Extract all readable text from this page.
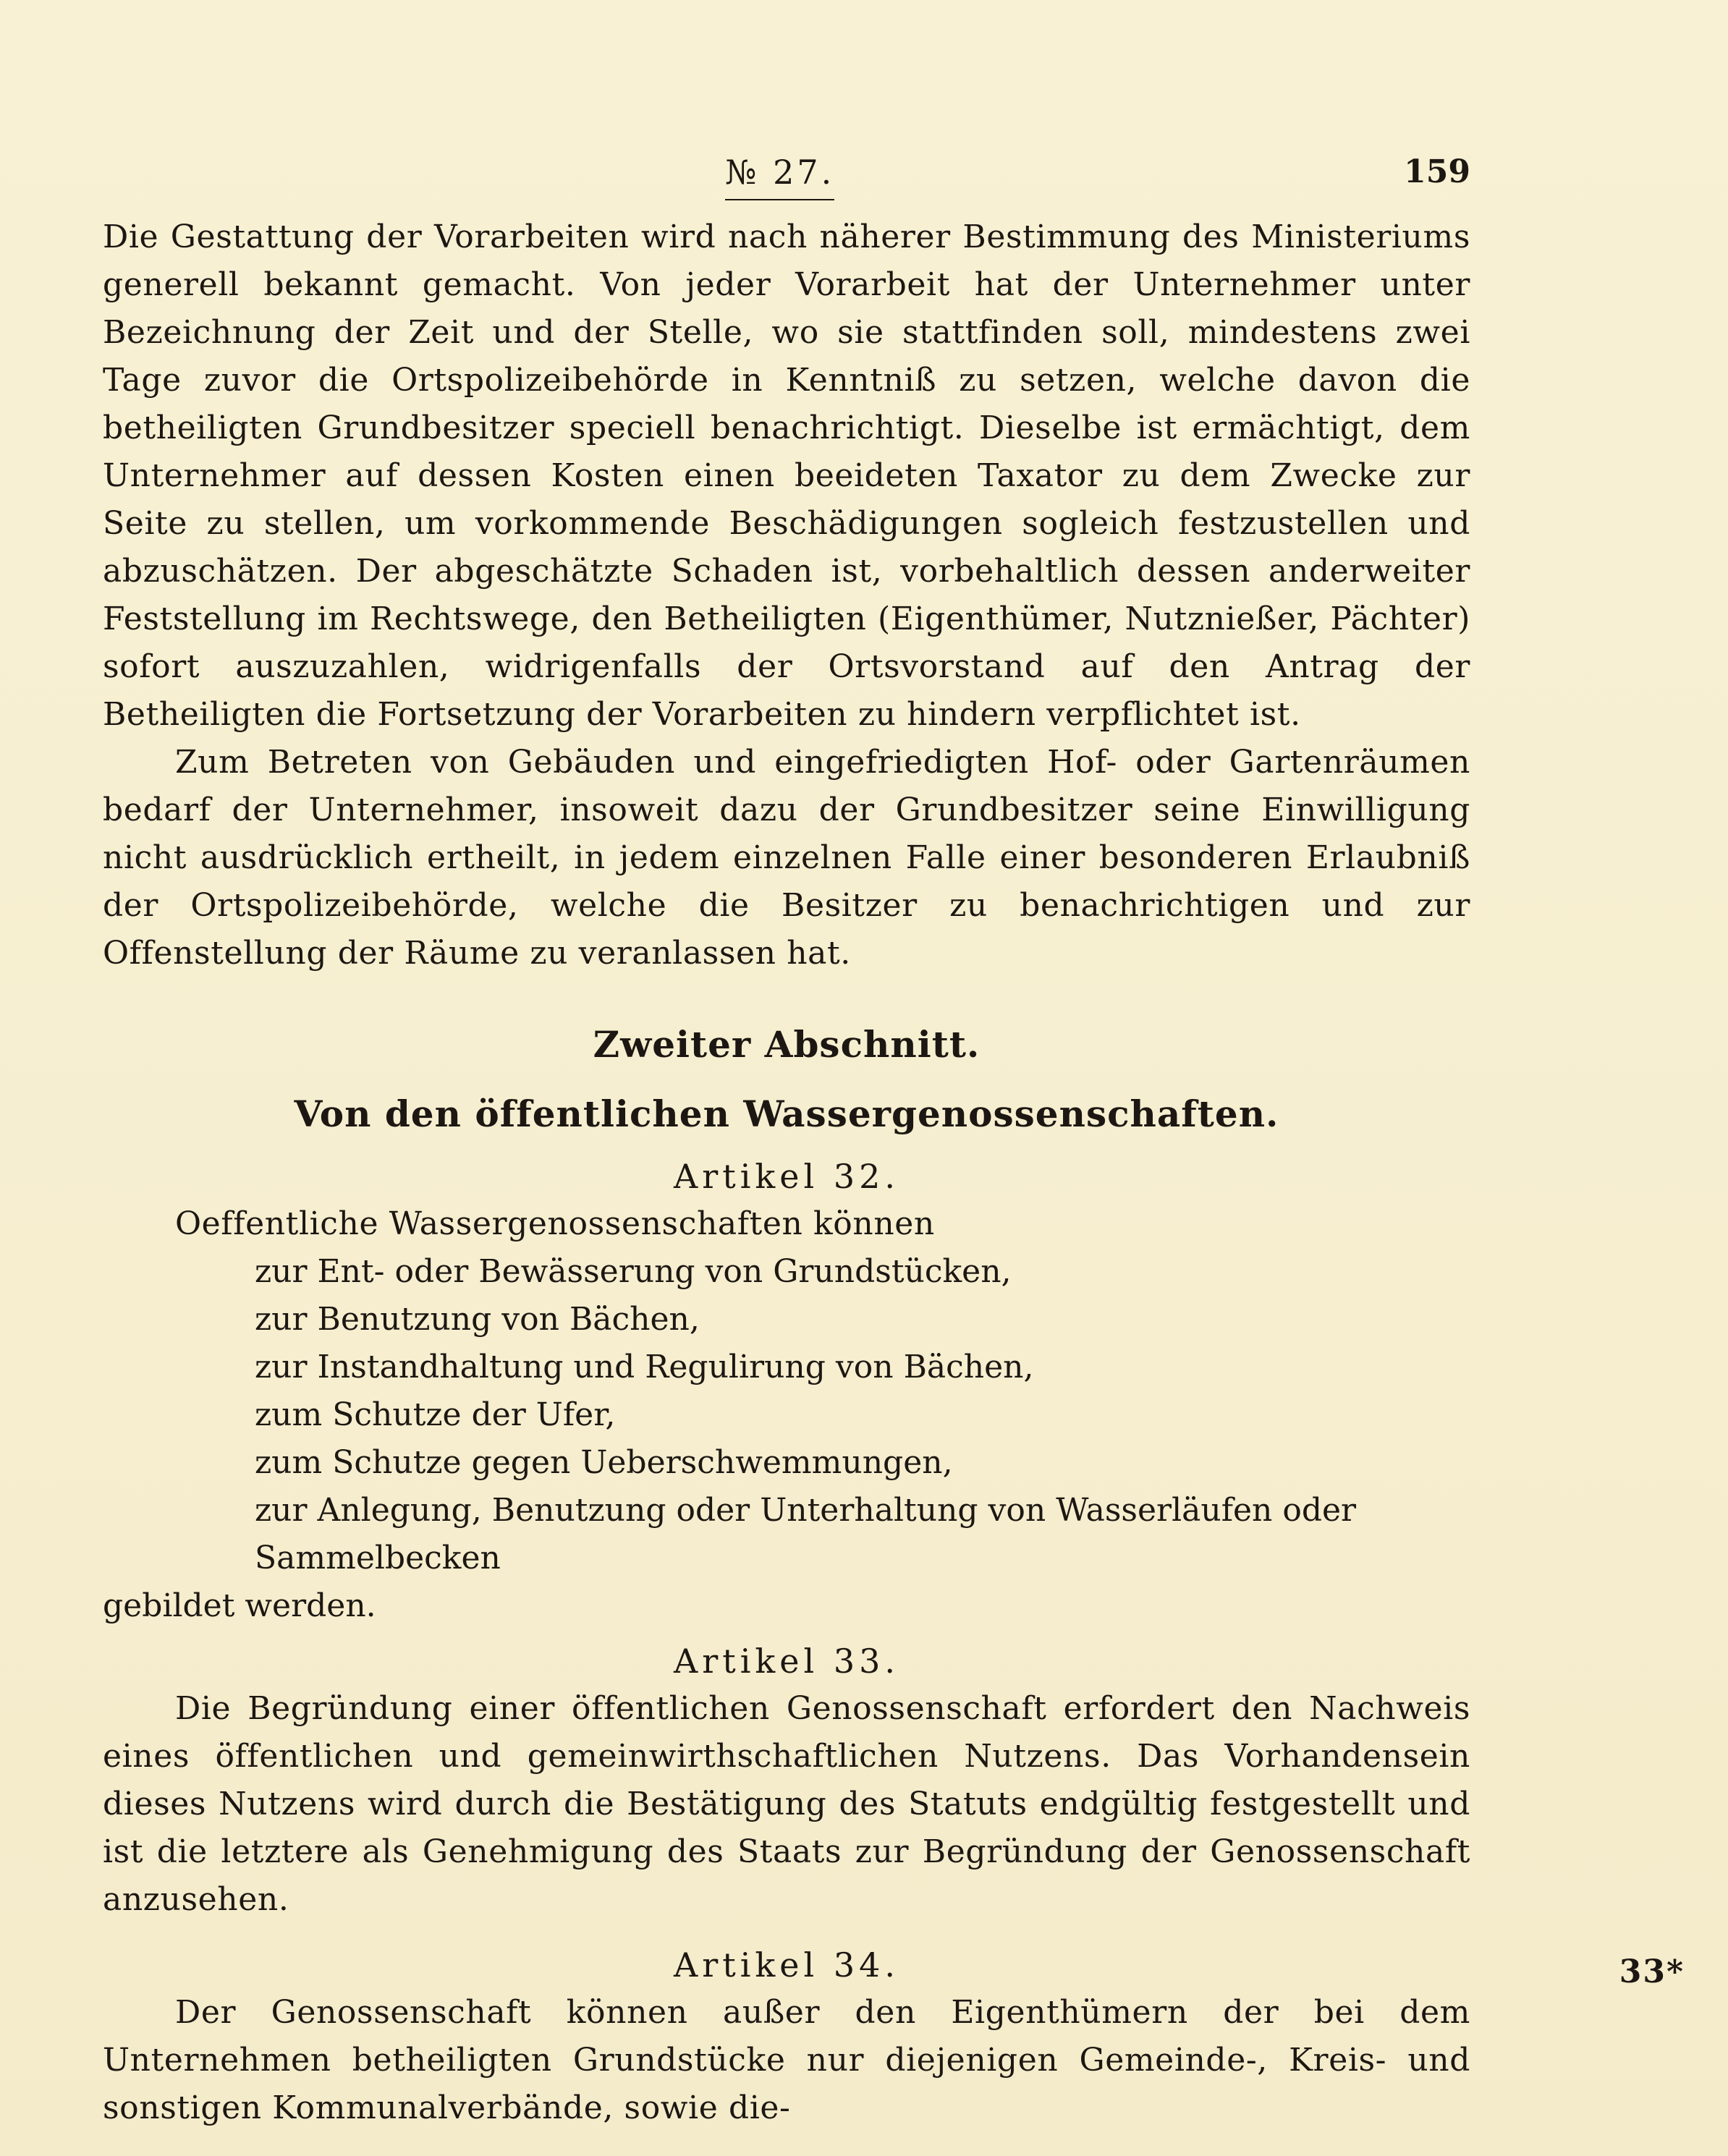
№ 27.	159

Die Gestattung der Vorarbeiten wird nach näherer Bestimmung des Ministeriums generell bekannt gemacht. Von jeder Vorarbeit hat der Unternehmer unter Bezeichnung der Zeit und der Stelle, wo sie stattfinden soll, mindestens zwei Tage zuvor die Ortspolizeibehörde in Kenntniß zu setzen, welche davon die betheiligten Grundbesitzer speciell benachrichtigt. Dieselbe ist ermächtigt, dem Unternehmer auf dessen Kosten einen beeideten Taxator zu dem Zwecke zur Seite zu stellen, um vorkommende Beschädigungen sogleich festzustellen und abzuschätzen. Der abgeschätzte Schaden ist, vorbehaltlich dessen anderweiter Feststellung im Rechtswege, den Betheiligten (Eigenthümer, Nutznießer, Pächter) sofort auszuzahlen, widrigenfalls der Ortsvorstand auf den Antrag der Betheiligten die Fortsetzung der Vorarbeiten zu hindern verpflichtet ist.

Zum Betreten von Gebäuden und eingefriedigten Hof- oder Gartenräumen bedarf der Unternehmer, insoweit dazu der Grundbesitzer seine Einwilligung nicht ausdrücklich ertheilt, in jedem einzelnen Falle einer besonderen Erlaubniß der Ortspolizeibehörde, welche die Besitzer zu benachrichtigen und zur Offenstellung der Räume zu veranlassen hat.

Zweiter Abschnitt.
Von den öffentlichen Wassergenossenschaften.
Artikel 32.

Oeffentliche Wassergenossenschaften können

zur Ent- oder Bewässerung von Grundstücken,
zur Benutzung von Bächen,
zur Instandhaltung und Regulirung von Bächen,
zum Schutze der Ufer,
zum Schutze gegen Ueberschwemmungen,
zur Anlegung, Benutzung oder Unterhaltung von Wasserläufen oder Sammelbecken

gebildet werden.

Artikel 33.

Die Begründung einer öffentlichen Genossenschaft erfordert den Nachweis eines öffentlichen und gemeinwirthschaftlichen Nutzens. Das Vorhandensein dieses Nutzens wird durch die Bestätigung des Statuts endgültig festgestellt und ist die letztere als Genehmigung des Staats zur Begründung der Genossenschaft anzusehen.

Artikel 34.

Der Genossenschaft können außer den Eigenthümern der bei dem Unternehmen betheiligten Grundstücke nur diejenigen Gemeinde-, Kreis- und sonstigen Kommunalverbände, sowie die-

33*
